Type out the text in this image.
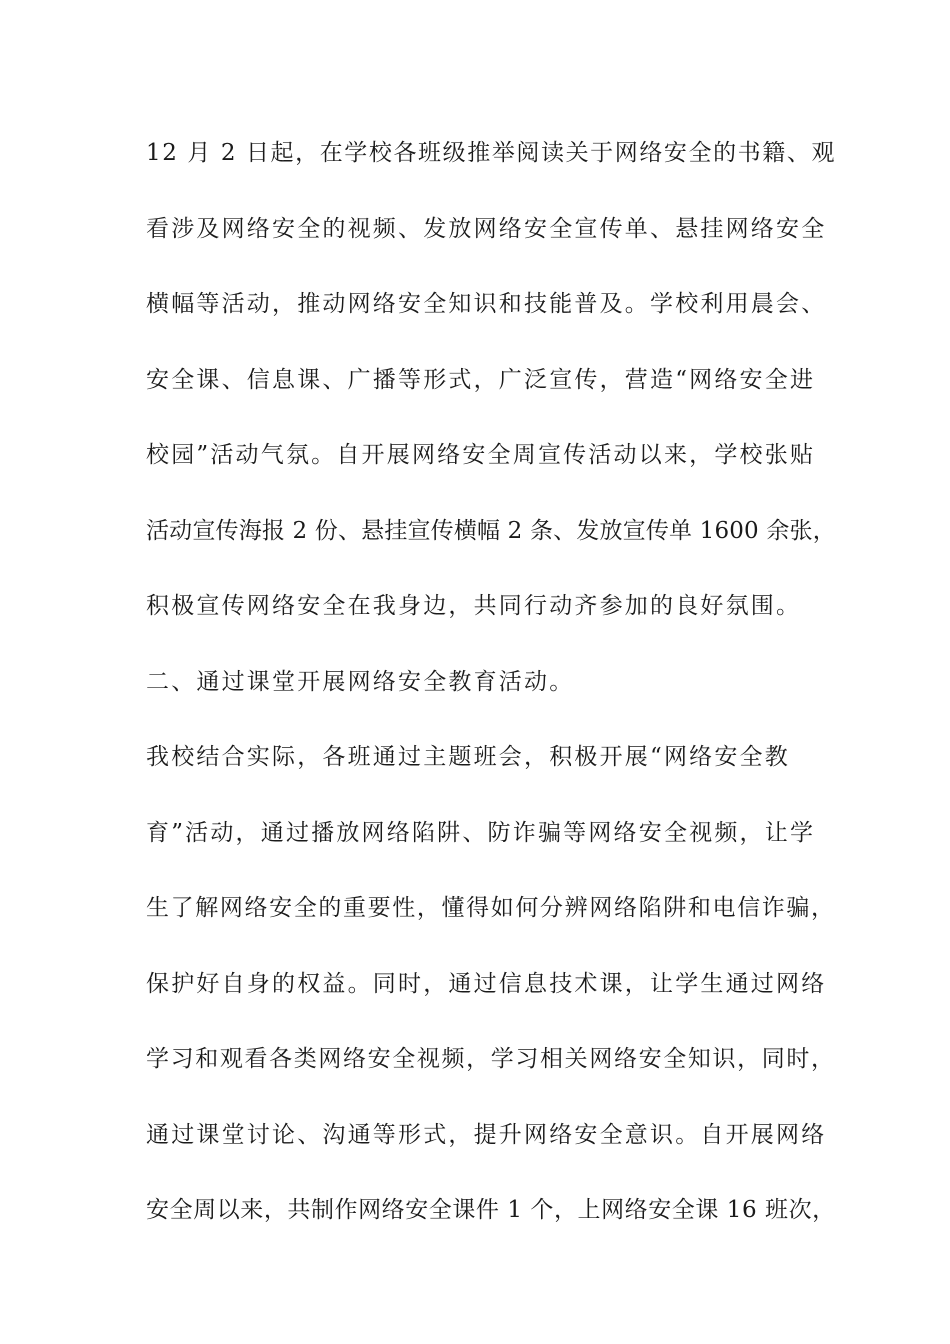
12 月 2 日起，在学校各班级推举阅读关于网络安全的书籍、观
看涉及网络安全的视频、发放网络安全宣传单、悬挂网络安全
横幅等活动，推动网络安全知识和技能普及。学校利用晨会、
安全课、信息课、广播等形式，广泛宣传，营造“网络安全进
校园”活动气氛。自开展网络安全周宣传活动以来，学校张贴
活动宣传海报 2 份、悬挂宣传横幅 2 条、发放宣传单 1600 余张，
积极宣传网络安全在我身边，共同行动齐参加的良好氛围。
二、通过课堂开展网络安全教育活动。
我校结合实际，各班通过主题班会，积极开展“网络安全教
育”活动，通过播放网络陷阱、防诈骗等网络安全视频，让学
生了解网络安全的重要性，懂得如何分辨网络陷阱和电信诈骗，
保护好自身的权益。同时，通过信息技术课，让学生通过网络
学习和观看各类网络安全视频，学习相关网络安全知识，同时，
通过课堂讨论、沟通等形式，提升网络安全意识。自开展网络
安全周以来，共制作网络安全课件 1 个，上网络安全课 16 班次，
